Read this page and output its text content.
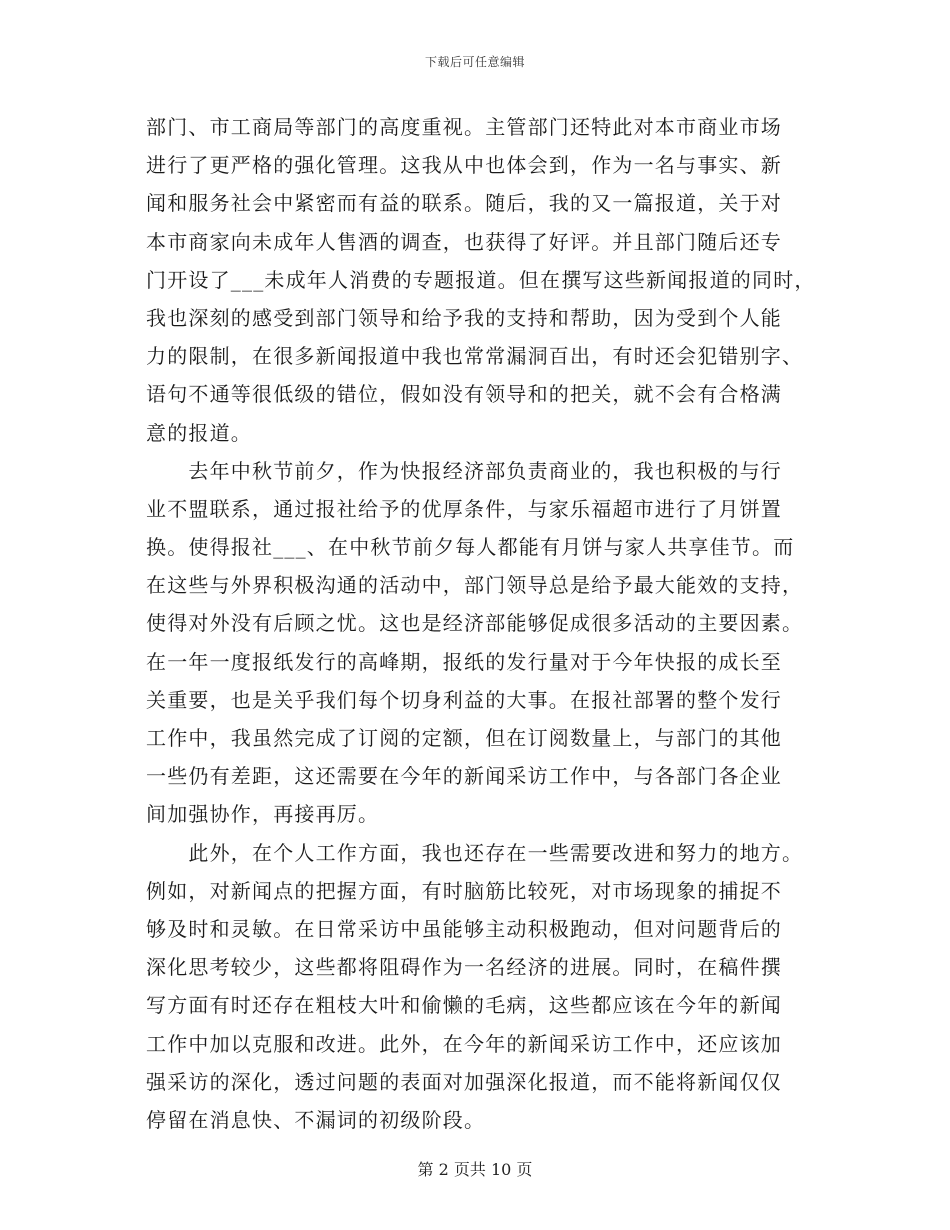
下载后可任意编辑
部门、市工商局等部门的高度重视。主管部门还特此对本市商业市场
进行了更严格的强化管理。这我从中也体会到，作为一名与事实、新
闻和服务社会中紧密而有益的联系。随后，我的又一篇报道，关于对
本市商家向未成年人售酒的调查，也获得了好评。并且部门随后还专
门开设了___未成年人消费的专题报道。但在撰写这些新闻报道的同时，
我也深刻的感受到部门领导和给予我的支持和帮助，因为受到个人能
力的限制，在很多新闻报道中我也常常漏洞百出，有时还会犯错别字、
语句不通等很低级的错位，假如没有领导和的把关，就不会有合格满
意的报道。
　　去年中秋节前夕，作为快报经济部负责商业的，我也积极的与行
业不盟联系，通过报社给予的优厚条件，与家乐福超市进行了月饼置
换。使得报社___、在中秋节前夕每人都能有月饼与家人共享佳节。而
在这些与外界积极沟通的活动中，部门领导总是给予最大能效的支持，
使得对外没有后顾之忧。这也是经济部能够促成很多活动的主要因素。
在一年一度报纸发行的高峰期，报纸的发行量对于今年快报的成长至
关重要，也是关乎我们每个切身利益的大事。在报社部署的整个发行
工作中，我虽然完成了订阅的定额，但在订阅数量上，与部门的其他
一些仍有差距，这还需要在今年的新闻采访工作中，与各部门各企业
间加强协作，再接再厉。
　　此外，在个人工作方面，我也还存在一些需要改进和努力的地方。
例如，对新闻点的把握方面，有时脑筋比较死，对市场现象的捕捉不
够及时和灵敏。在日常采访中虽能够主动积极跑动，但对问题背后的
深化思考较少，这些都将阻碍作为一名经济的进展。同时，在稿件撰
写方面有时还存在粗枝大叶和偷懒的毛病，这些都应该在今年的新闻
工作中加以克服和改进。此外，在今年的新闻采访工作中，还应该加
强采访的深化，透过问题的表面对加强深化报道，而不能将新闻仅仅
停留在消息快、不漏词的初级阶段。
第 2 页共 10 页
